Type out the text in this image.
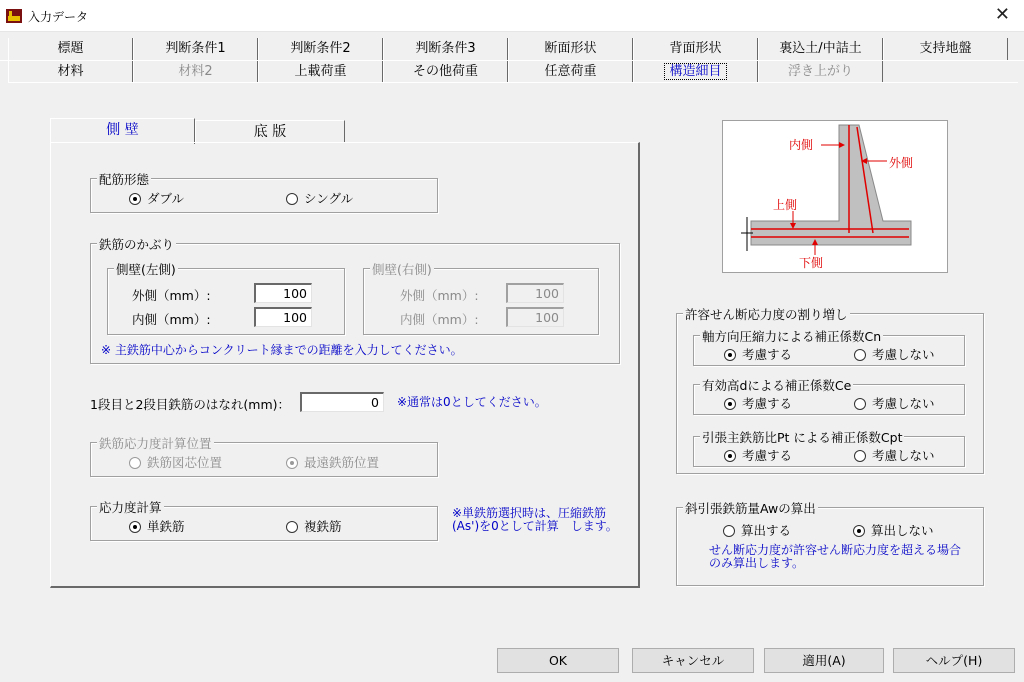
入力データ	✕
標題	判断条件1	判断条件2	判断条件3	断面形状	背面形状	裏込土/中詰土	支持地盤
材料	材料2	上載荷重	その他荷重	任意荷重	構造細目	浮き上がり
側 壁	底 版
配筋形態
ダブル	シングル
鉄筋のかぶり
側壁(左側)
外側（mm）:	100
内側（mm）:	100
側壁(右側)
外側（mm）:	100
内側（mm）:	100
※ 主鉄筋中心からコンクリート縁までの距離を入力してください。
1段目と2段目鉄筋のはなれ(mm)：	0	※通常は0としてください。
鉄筋応力度計算位置
鉄筋図芯位置	最遠鉄筋位置
応力度計算
単鉄筋	複鉄筋
※単鉄筋選択時は、圧縮鉄筋(As')を0として計算　します。
内側
外側
上側
下側
許容せん断応力度の割り増し
軸方向圧縮力による補正係数Cn
考慮する	考慮しない
有効高dによる補正係数Ce
考慮する	考慮しない
引張主鉄筋比Pt による補正係数Cpt
考慮する	考慮しない
斜引張鉄筋量Awの算出
算出する	算出しない
せん断応力度が許容せん断応力度を超える場合のみ算出します。
OK	キャンセル	適用(A)	ヘルプ(H)
